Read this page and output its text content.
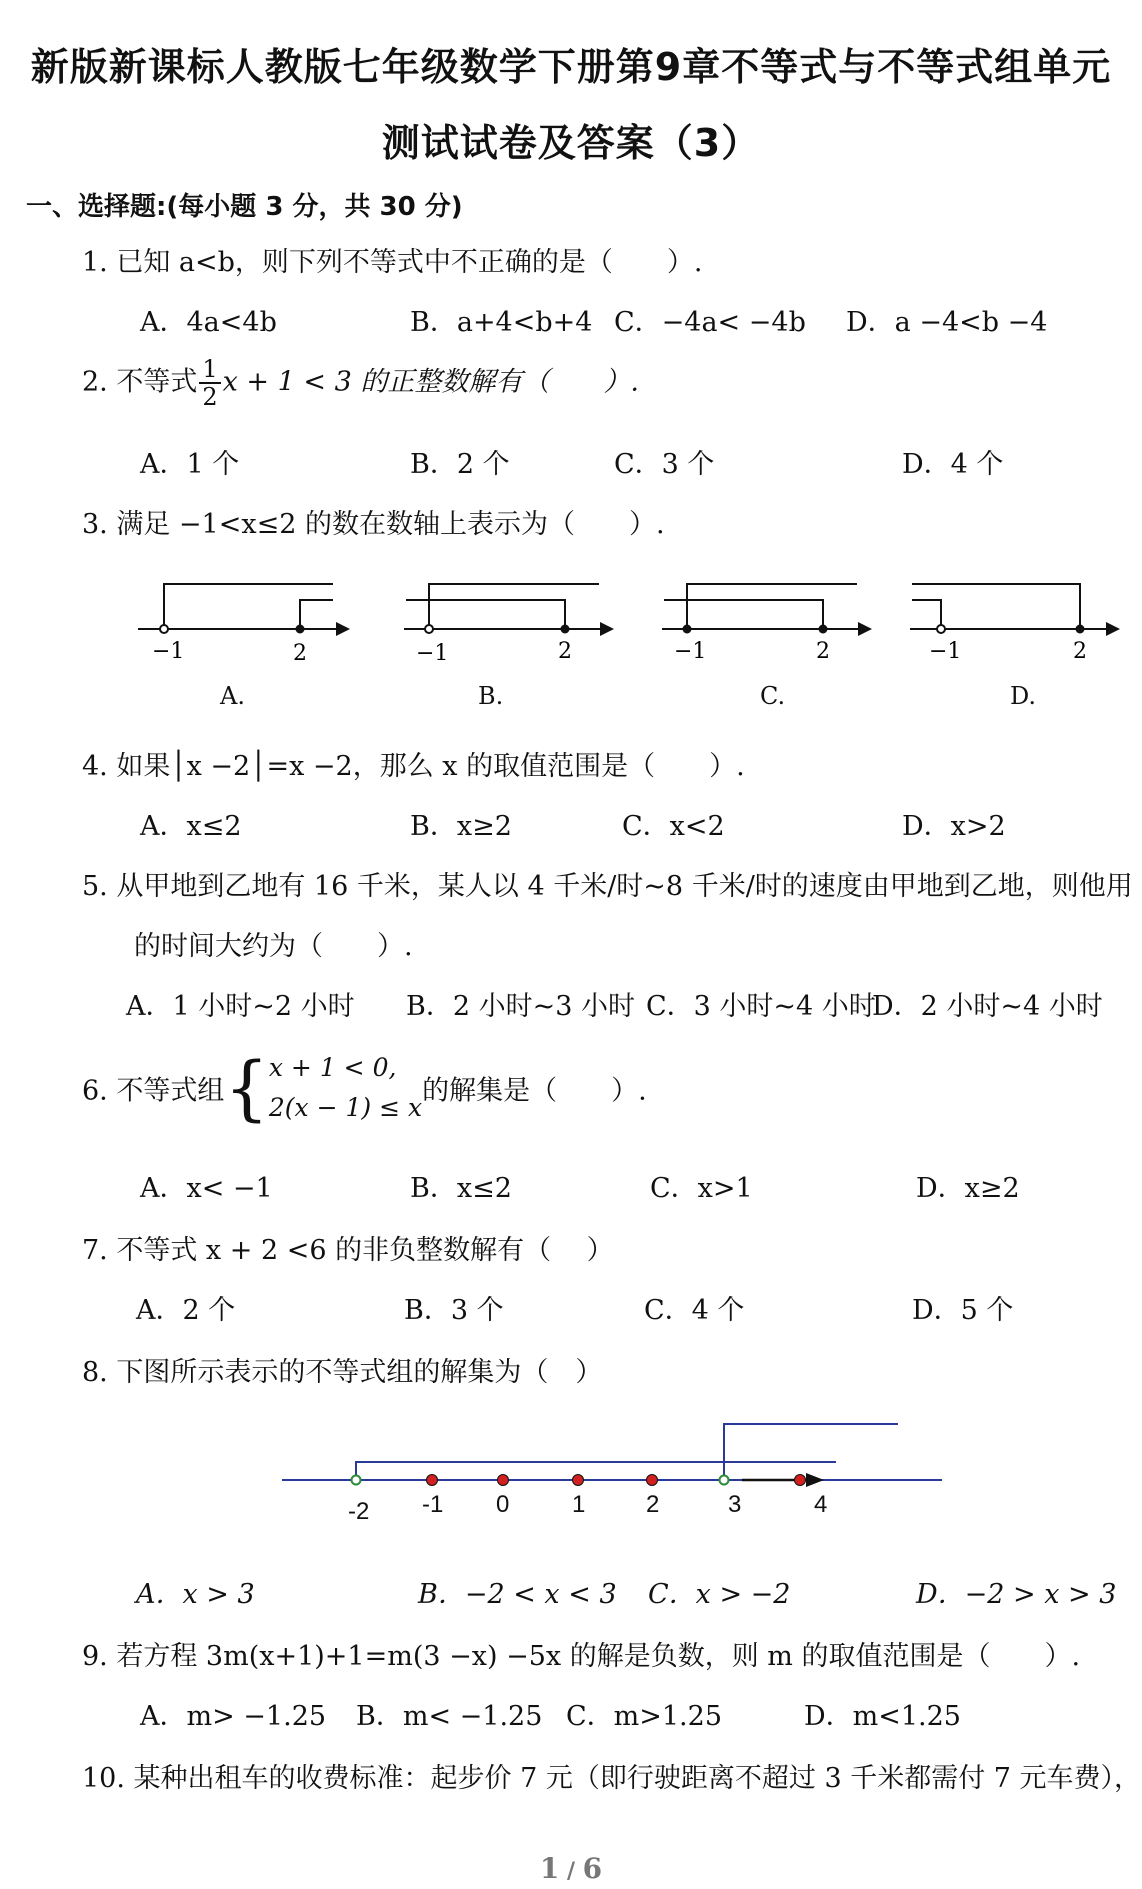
新版新课标人教版七年级数学下册第9章不等式与不等式组单元
测试试卷及答案（3）
一、选择题:(每小题 3 分，共 30 分)
1. 已知 a<b，则下列不等式中不正确的是（　　）.
A．4a<4b	B．a+4<b+4 C．−4a< −4b D．a −4<b −4
2. 不等式 $\frac{1}{2}$ x + 1 < 3 的正整数解有（　　）.
A．1 个	B．2 个	C．3 个	D．4 个
3. 满足 −1<x≤2 的数在数轴上表示为（　　）.
−1	2	−1	2	−1	2	−1	2
A.	B.	C.	D.
4. 如果│x −2│=x −2，那么 x 的取值范围是（　　）.
A．x≤2	B．x≥2	C．x<2	D．x>2
5. 从甲地到乙地有 16 千米，某人以 4 千米/时~8 千米/时的速度由甲地到乙地，则他用
的时间大约为（　　）.
A．1 小时~2 小时 B．2 小时~3 小时 C．3 小时~4 小时
D．2 小时~4 小时
6. 不等式组{ x + 1 < 0,
2(x − 1) ≤ x
的解集是（　　）.
A．x< −1	B．x≤2	C．x>1	D．x≥2
7. 不等式 x + 2 <6 的非负整数解有（　 ）
A．2 个	B．3 个	C．4 个	D．5 个
8. 下图所示表示的不等式组的解集为（　）
-2 -1 0	1	2	3	4
A．x > 3	B．−2 < x < 3 C．x > −2	D．−2 > x > 3
9. 若方程 3m(x+1)+1=m(3 −x) −5x 的解是负数，则 m 的取值范围是（　　）.
A．m> −1.25 B．m< −1.25 C．m>1.25	D．m<1.25
10. 某种出租车的收费标准：起步价 7 元（即行驶距离不超过 3 千米都需付 7 元车费），
1 / 6
